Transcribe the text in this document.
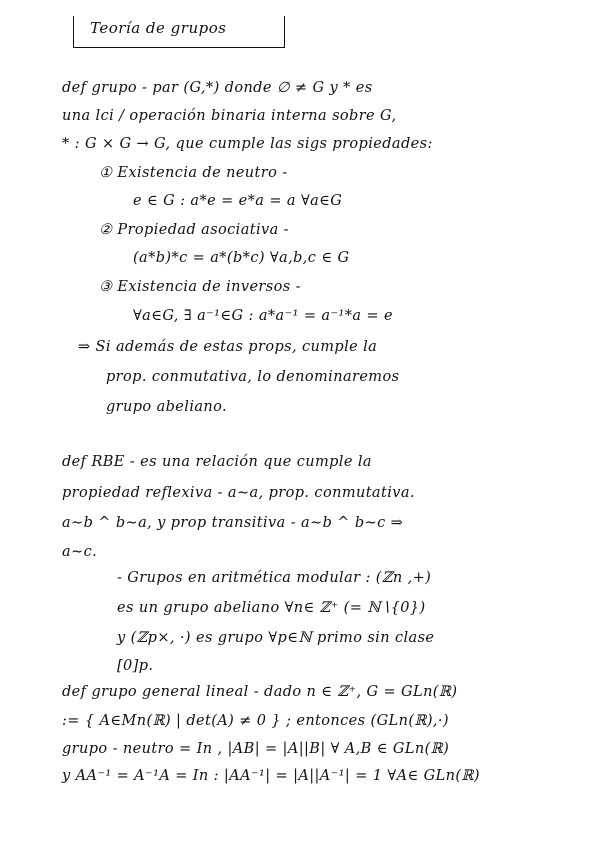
Teoría de grupos
def grupo - par (G,*) donde ∅ ≠ G y * es
una lci / operación binaria interna sobre G,
* : G × G → G, que cumple las sigs propiedades:
① Existencia de neutro -
e ∈ G : a*e = e*a = a ∀a∈G
② Propiedad asociativa -
(a*b)*c = a*(b*c) ∀a,b,c ∈ G
③ Existencia de inversos -
∀a∈G, ∃ a⁻¹∈G : a*a⁻¹ = a⁻¹*a = e
⇒ Si además de estas props, cumple la
prop. conmutativa, lo denominaremos
grupo abeliano.
def RBE - es una relación que cumple la
propiedad reflexiva - a∼a, prop. conmutativa.
a∼b ^ b∼a, y prop transitiva - a∼b ^ b∼c ⇒
a∼c.
- Grupos en aritmética modular : (ℤn ,+)
es un grupo abeliano ∀n∈ ℤ⁺ (= ℕ∖{0})
y (ℤp×, ·) es grupo ∀p∈ℕ primo sin clase
[0]p.
def grupo general lineal - dado n ∈ ℤ⁺, G = GLn(ℝ)
:= { A∈Mn(ℝ) | det(A) ≠ 0 } ; entonces (GLn(ℝ),·)
grupo - neutro = In , |AB| = |A||B| ∀ A,B ∈ GLn(ℝ)
y AA⁻¹ = A⁻¹A = In : |AA⁻¹| = |A||A⁻¹| = 1 ∀A∈ GLn(ℝ)
